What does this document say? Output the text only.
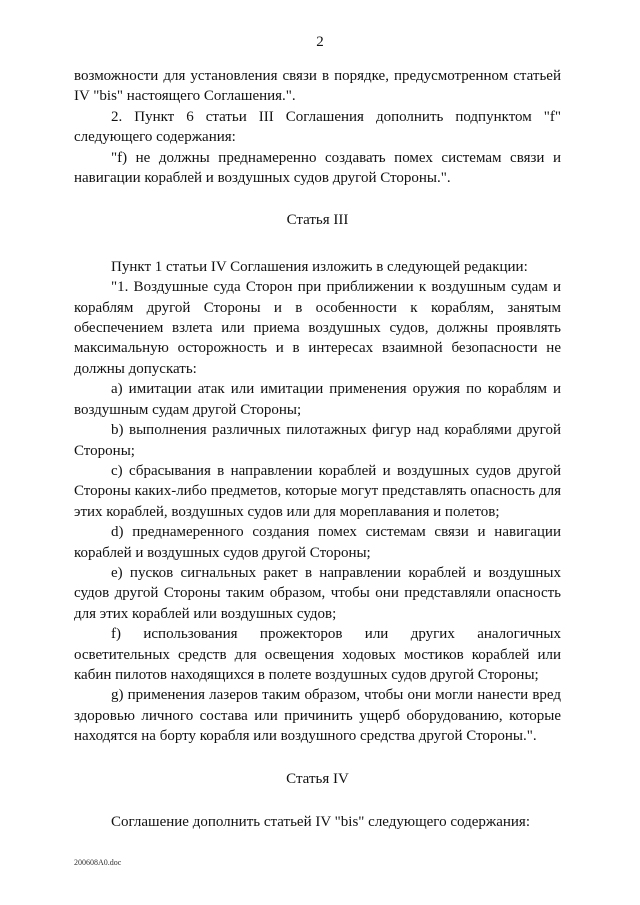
2

возможности для установления связи в порядке, предусмотренном статьей IV "bis" настоящего Соглашения.".

2. Пункт 6 статьи III Соглашения дополнить подпунктом "f" следующего содержания:

"f) не должны преднамеренно создавать помех системам связи и навигации кораблей и воздушных судов другой Стороны.".

Статья III

Пункт 1 статьи IV Соглашения изложить в следующей редакции:

"1. Воздушные суда Сторон при приближении к воздушным судам и кораблям другой Стороны и в особенности к кораблям, занятым обеспечением взлета или приема воздушных судов, должны проявлять максимальную осторожность и в интересах взаимной безопасности не должны допускать:

a) имитации атак или имитации применения оружия по кораблям и воздушным судам другой Стороны;

b) выполнения различных пилотажных фигур над кораблями другой Стороны;

c) сбрасывания в направлении кораблей и воздушных судов другой Стороны каких-либо предметов, которые могут представлять опасность для этих кораблей, воздушных судов или для мореплавания и полетов;

d) преднамеренного создания помех системам связи и навигации кораблей и воздушных судов другой Стороны;

e) пусков сигнальных ракет в направлении кораблей и воздушных судов другой Стороны таким образом, чтобы они представляли опасность для этих кораблей или воздушных судов;

f) использования прожекторов или других аналогичных осветительных средств для освещения ходовых мостиков кораблей или кабин пилотов находящихся в полете воздушных судов другой Стороны;

g) применения лазеров таким образом, чтобы они могли нанести вред здоровью личного состава или причинить ущерб оборудованию, которые находятся на борту корабля или воздушного средства другой Стороны.".

Статья IV

Соглашение дополнить статьей IV "bis" следующего содержания:

200608A0.doc
